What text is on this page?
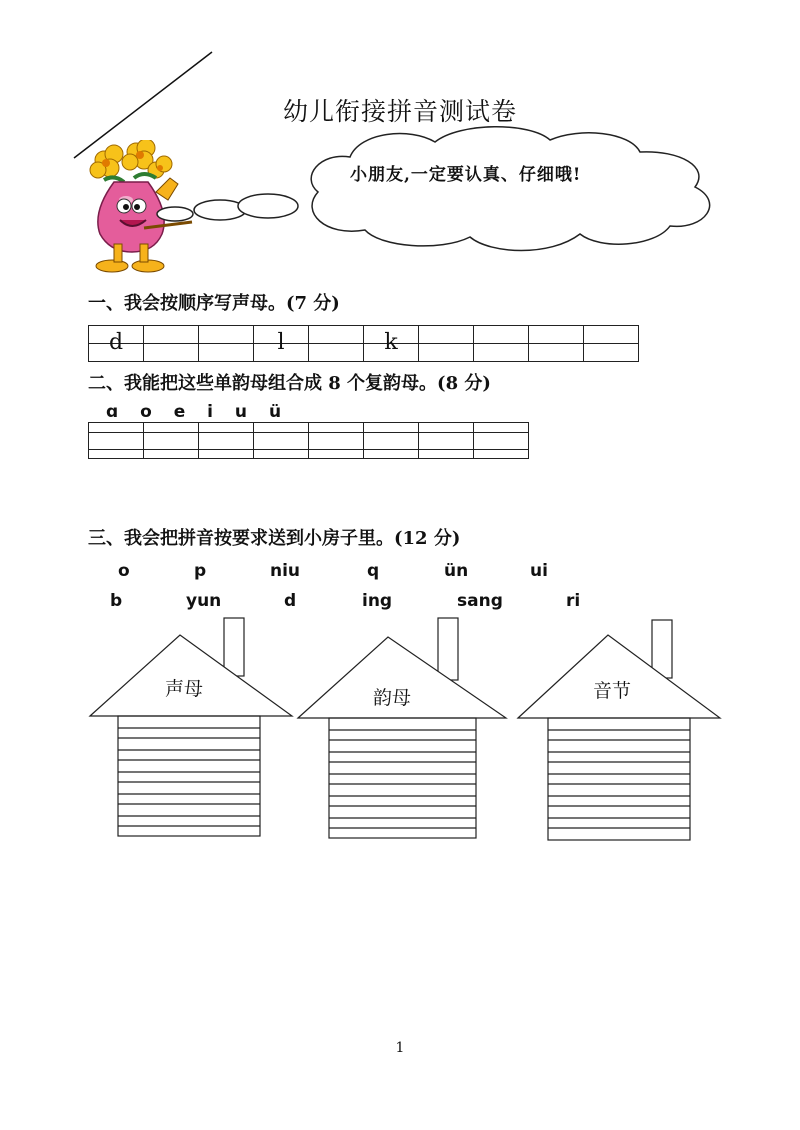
幼儿衔接拼音测试卷
小朋友,一定要认真、仔细哦!
一、我会按顺序写声母。(7 分)
d			l		k

二、我能把这些单韵母组合成 8 个复韵母。(8 分)
ɑ o e i u ü

三、我会把拼音按要求送到小房子里。(12 分)
o	p	niu	q	ün	ui
b	yun	d	ing	sang	ri
声母	韵母	音节
1
